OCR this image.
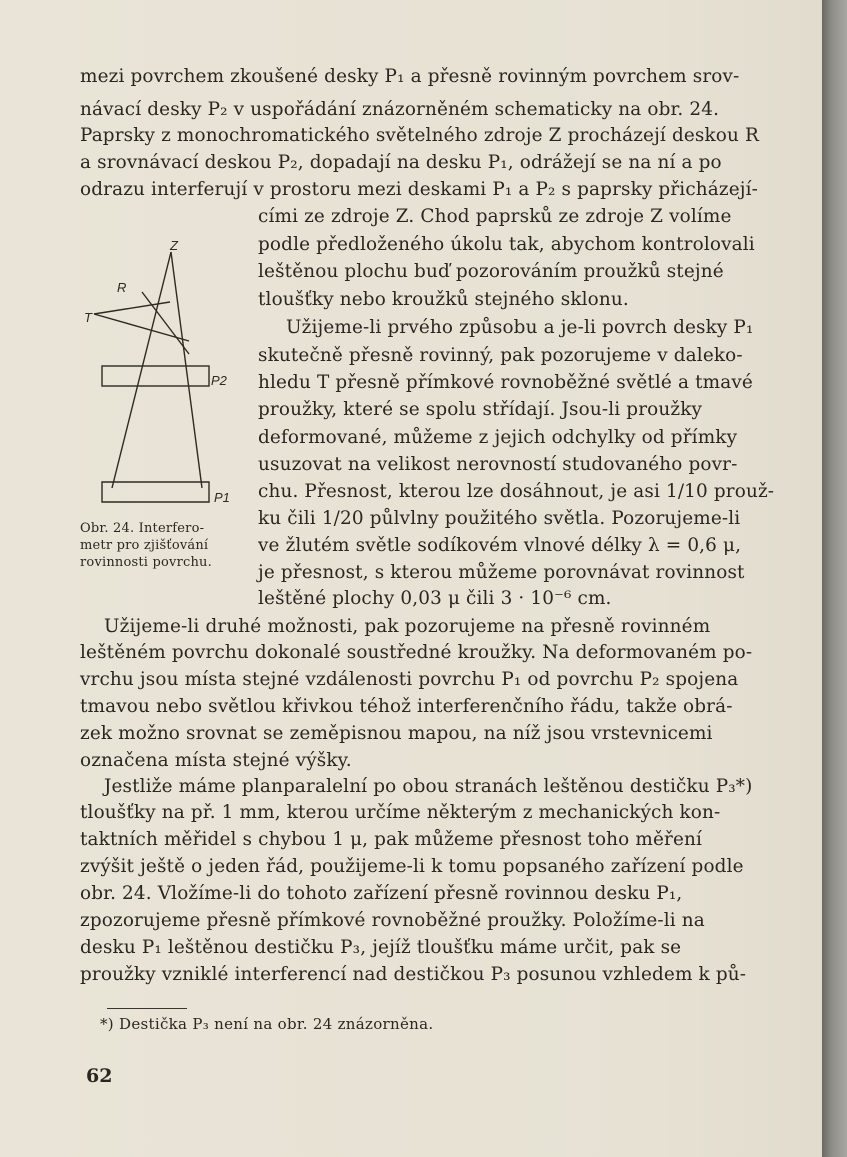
mezi povrchem zkoušené desky P₁ a přesně rovinným povrchem srov-
návací desky P₂ v uspořádání znázorněném schematicky na obr. 24.
Paprsky z monochromatického světelného zdroje Z procházejí deskou R
a srovnávací deskou P₂, dopadají na desku P₁, odrážejí se na ní a po
odrazu interferují v prostoru mezi deskami P₁ a P₂ s paprsky přicházejí-
cími ze zdroje Z. Chod paprsků ze zdroje Z volíme
podle předloženého úkolu tak, abychom kontrolovali
leštěnou plochu buď pozorováním proužků stejné
tloušťky nebo kroužků stejného sklonu.
Užijeme-li prvého způsobu a je-li povrch desky P₁
skutečně přesně rovinný, pak pozorujeme v daleko-
hledu T přesně přímkové rovnoběžné světlé a tmavé
proužky, které se spolu střídají. Jsou-li proužky
deformované, můžeme z jejich odchylky od přímky
usuzovat na velikost nerovností studovaného povr-
chu. Přesnost, kterou lze dosáhnout, je asi 1/10 prouž-
ku čili 1/20 půlvlny použitého světla. Pozorujeme-li
ve žlutém světle sodíkovém vlnové délky λ = 0,6 μ,
je přesnost, s kterou můžeme porovnávat rovinnost
leštěné plochy 0,03 μ čili 3 · 10⁻⁶ cm.
Užijeme-li druhé možnosti, pak pozorujeme na přesně rovinném
leštěném povrchu dokonalé soustředné kroužky. Na deformovaném po-
vrchu jsou místa stejné vzdálenosti povrchu P₁ od povrchu P₂ spojena
tmavou nebo světlou křivkou téhož interferenčního řádu, takže obrá-
zek možno srovnat se zeměpisnou mapou, na níž jsou vrstevnicemi
označena místa stejné výšky.
Jestliže máme planparalelní po obou stranách leštěnou destičku P₃*)
tloušťky na př. 1 mm, kterou určíme některým z mechanických kon-
taktních měřidel s chybou 1 μ, pak můžeme přesnost toho měření
zvýšit ještě o jeden řád, použijeme-li k tomu popsaného zařízení podle
obr. 24. Vložíme-li do tohoto zařízení přesně rovinnou desku P₁,
zpozorujeme přesně přímkové rovnoběžné proužky. Položíme-li na
desku P₁ leštěnou destičku P₃, jejíž tloušťku máme určit, pak se
proužky vzniklé interferencí nad destičkou P₃ posunou vzhledem k pů-
Z
R
T
P2
P1
Obr. 24. Interfero-
metr pro zjišťování
rovinnosti povrchu.
*) Destička P₃ není na obr. 24 znázorněna.
62
